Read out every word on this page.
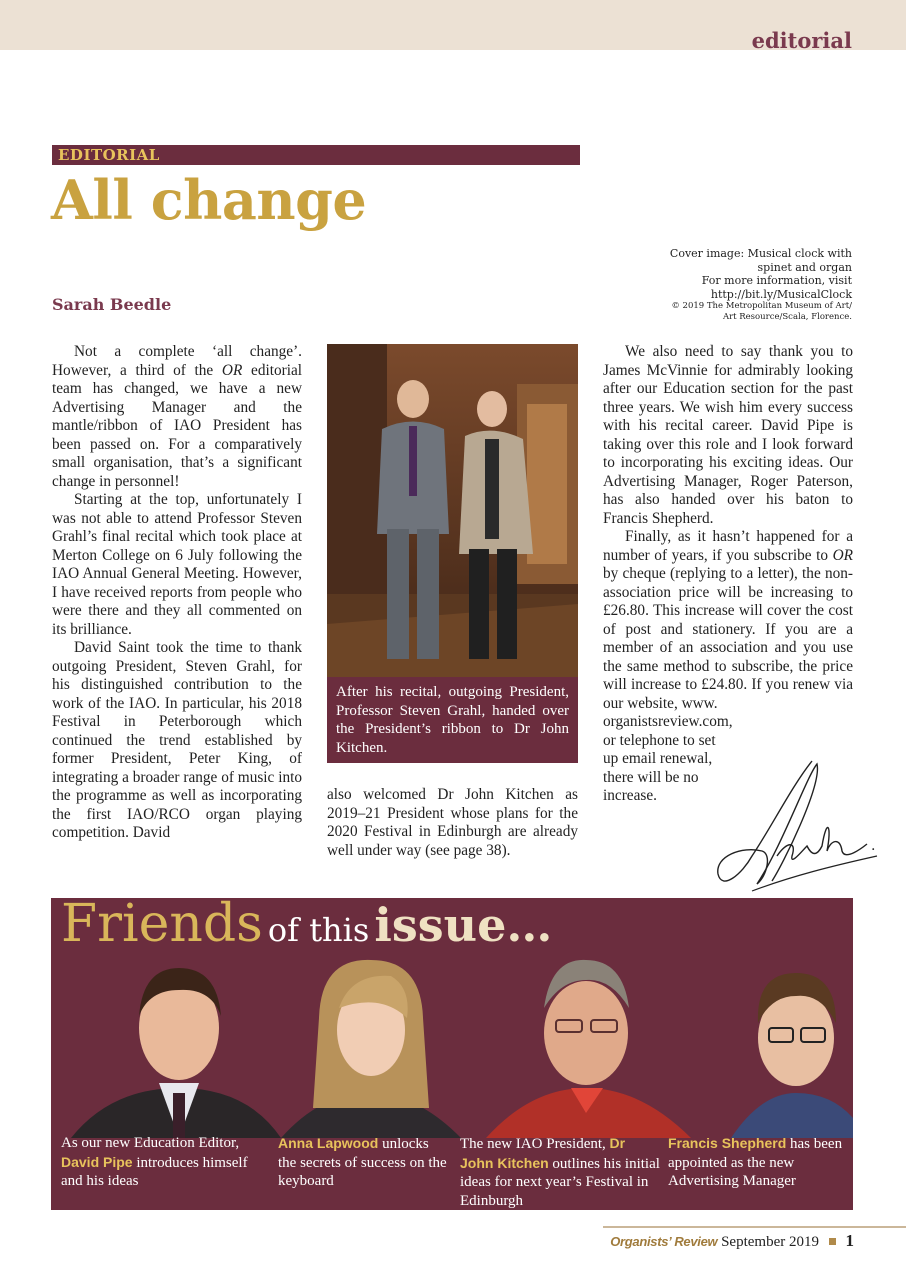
editorial
EDITORIAL
All change
Sarah Beedle
Cover image: Musical clock with
spinet and organ
For more information, visit
http://bit.ly/MusicalClock
© 2019 The Metropolitan Museum of Art/
Art Resource/Scala, Florence.

Not a complete ‘all change’. However, a third of the OR editorial team has changed, we have a new Advertising Manager and the mantle/ribbon of IAO President has been passed on. For a comparatively small organisation, that’s a significant change in personnel!

Starting at the top, unfortunately I was not able to attend Professor Steven Grahl’s final recital which took place at Merton College on 6 July following the IAO Annual General Meeting. However, I have received reports from people who were there and they all commented on its brilliance.

David Saint took the time to thank outgoing President, Steven Grahl, for his distinguished contribution to the work of the IAO. In particular, his 2018 Festival in Peterborough which continued the trend established by former President, Peter King, of integrating a broader range of music into the programme as well as incorporating the first IAO/RCO organ playing competition. David

After his recital, outgoing President, Professor Steven Grahl, handed over the President’s ribbon to Dr John Kitchen.

also welcomed Dr John Kitchen as 2019–21 President whose plans for the 2020 Festival in Edinburgh are already well under way (see page 38).

We also need to say thank you to James McVinnie for admirably looking after our Education section for the past three years. We wish him every success with his recital career. David Pipe is taking over this role and I look forward to incorporating his exciting ideas. Our Advertising Manager, Roger Paterson, has also handed over his baton to Francis Shepherd.

Finally, as it hasn’t happened for a number of years, if you subscribe to OR by cheque (replying to a letter), the non-association price will be increasing to £26.80. This increase will cover the cost of post and stationery. If you are a member of an association and you use the same method to subscribe, the price will increase to £24.80. If you renew via our website, www.

organistsreview.com,
or telephone to set
up email renewal,
there will be no
increase.
.
Friends of this issue…
As our new Education Editor, David Pipe introduces himself and his ideas
Anna Lapwood unlocks the secrets of success on the keyboard
The new IAO President, Dr John Kitchen outlines his initial ideas for next year’s Festival in Edinburgh
Francis Shepherd has been appointed as the new Advertising Manager
Organists’ Review September 2019 1
